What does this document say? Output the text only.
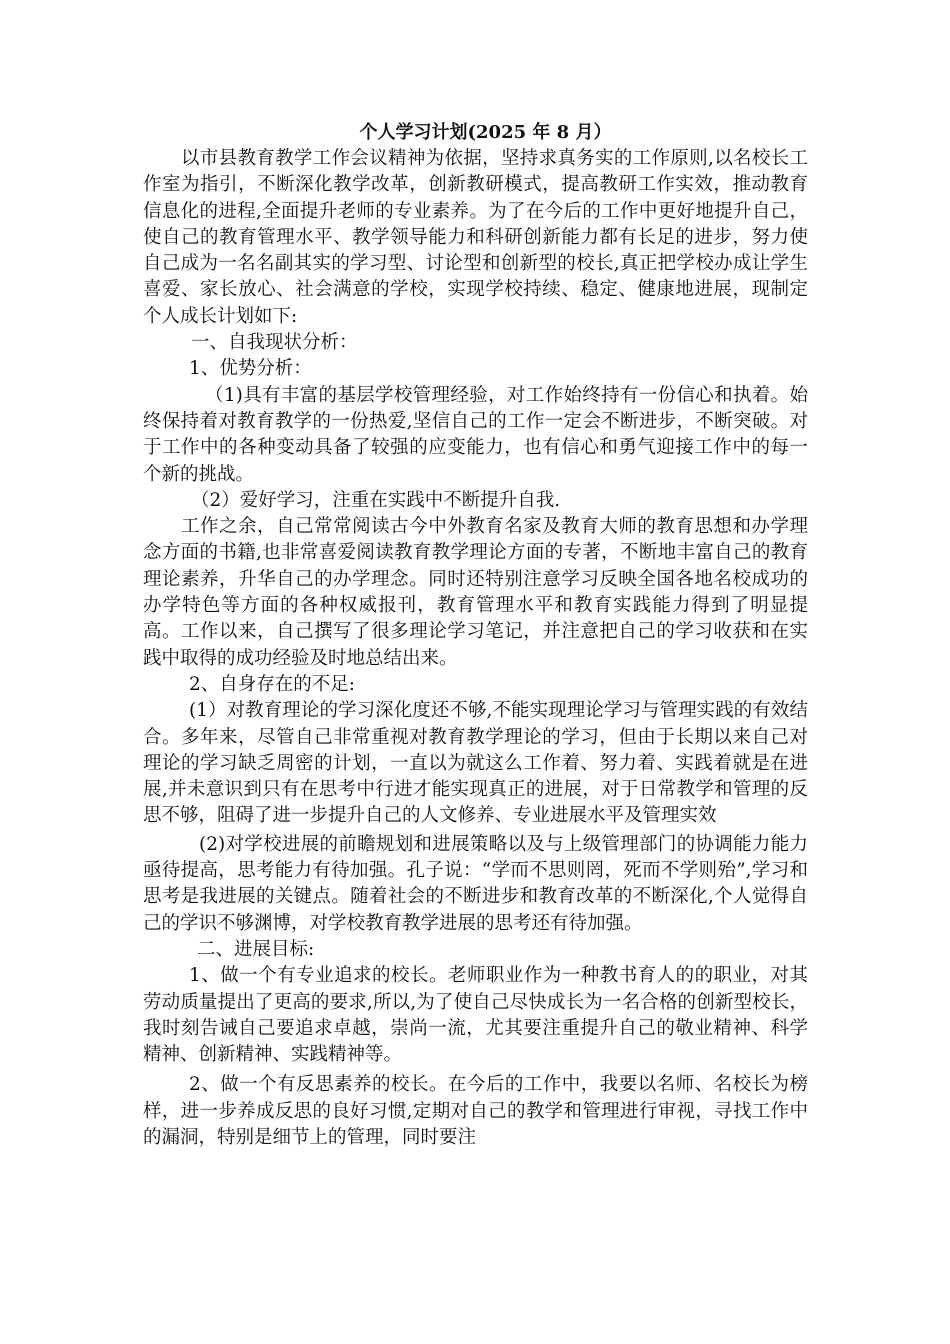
个人学习计划(2025 年 8 月）

以市县教育教学工作会议精神为依据，坚持求真务实的工作原则,以名校长工作室为指引，不断深化教学改革，创新教研模式，提高教研工作实效，推动教育信息化的进程,全面提升老师的专业素养。为了在今后的工作中更好地提升自己，使自己的教育管理水平、教学领导能力和科研创新能力都有长足的进步，努力使自己成为一名名副其实的学习型、讨论型和创新型的校长,真正把学校办成让学生喜爱、家长放心、社会满意的学校，实现学校持续、稳定、健康地进展，现制定个人成长计划如下:

一、自我现状分析：

1、优势分析：

（1)具有丰富的基层学校管理经验，对工作始终持有一份信心和执着。始终保持着对教育教学的一份热爱,坚信自己的工作一定会不断进步，不断突破。对于工作中的各种变动具备了较强的应变能力，也有信心和勇气迎接工作中的每一个新的挑战。

（2）爱好学习，注重在实践中不断提升自我.

工作之余，自己常常阅读古今中外教育名家及教育大师的教育思想和办学理念方面的书籍,也非常喜爱阅读教育教学理论方面的专著，不断地丰富自己的教育理论素养，升华自己的办学理念。同时还特别注意学习反映全国各地名校成功的办学特色等方面的各种权威报刊，教育管理水平和教育实践能力得到了明显提高。工作以来，自己撰写了很多理论学习笔记，并注意把自己的学习收获和在实践中取得的成功经验及时地总结出来。

2、自身存在的不足:

(1）对教育理论的学习深化度还不够,不能实现理论学习与管理实践的有效结合。多年来，尽管自己非常重视对教育教学理论的学习，但由于长期以来自己对理论的学习缺乏周密的计划，一直以为就这么工作着、努力着、实践着就是在进展,并未意识到只有在思考中行进才能实现真正的进展，对于日常教学和管理的反思不够，阻碍了进一步提升自己的人文修养、专业进展水平及管理实效

(2)对学校进展的前瞻规划和进展策略以及与上级管理部门的协调能力能力亟待提高，思考能力有待加强。孔子说：“学而不思则罔，死而不学则殆”,学习和思考是我进展的关键点。随着社会的不断进步和教育改革的不断深化,个人觉得自己的学识不够渊博，对学校教育教学进展的思考还有待加强。

二、进展目标:

1、做一个有专业追求的校长。老师职业作为一种教书育人的的职业，对其劳动质量提出了更高的要求,所以,为了使自己尽快成长为一名合格的创新型校长，我时刻告诫自己要追求卓越，崇尚一流，尤其要注重提升自己的敬业精神、科学精神、创新精神、实践精神等。

2、做一个有反思素养的校长。在今后的工作中，我要以名师、名校长为榜样，进一步养成反思的良好习惯,定期对自己的教学和管理进行审视，寻找工作中的漏洞，特别是细节上的管理，同时要注
